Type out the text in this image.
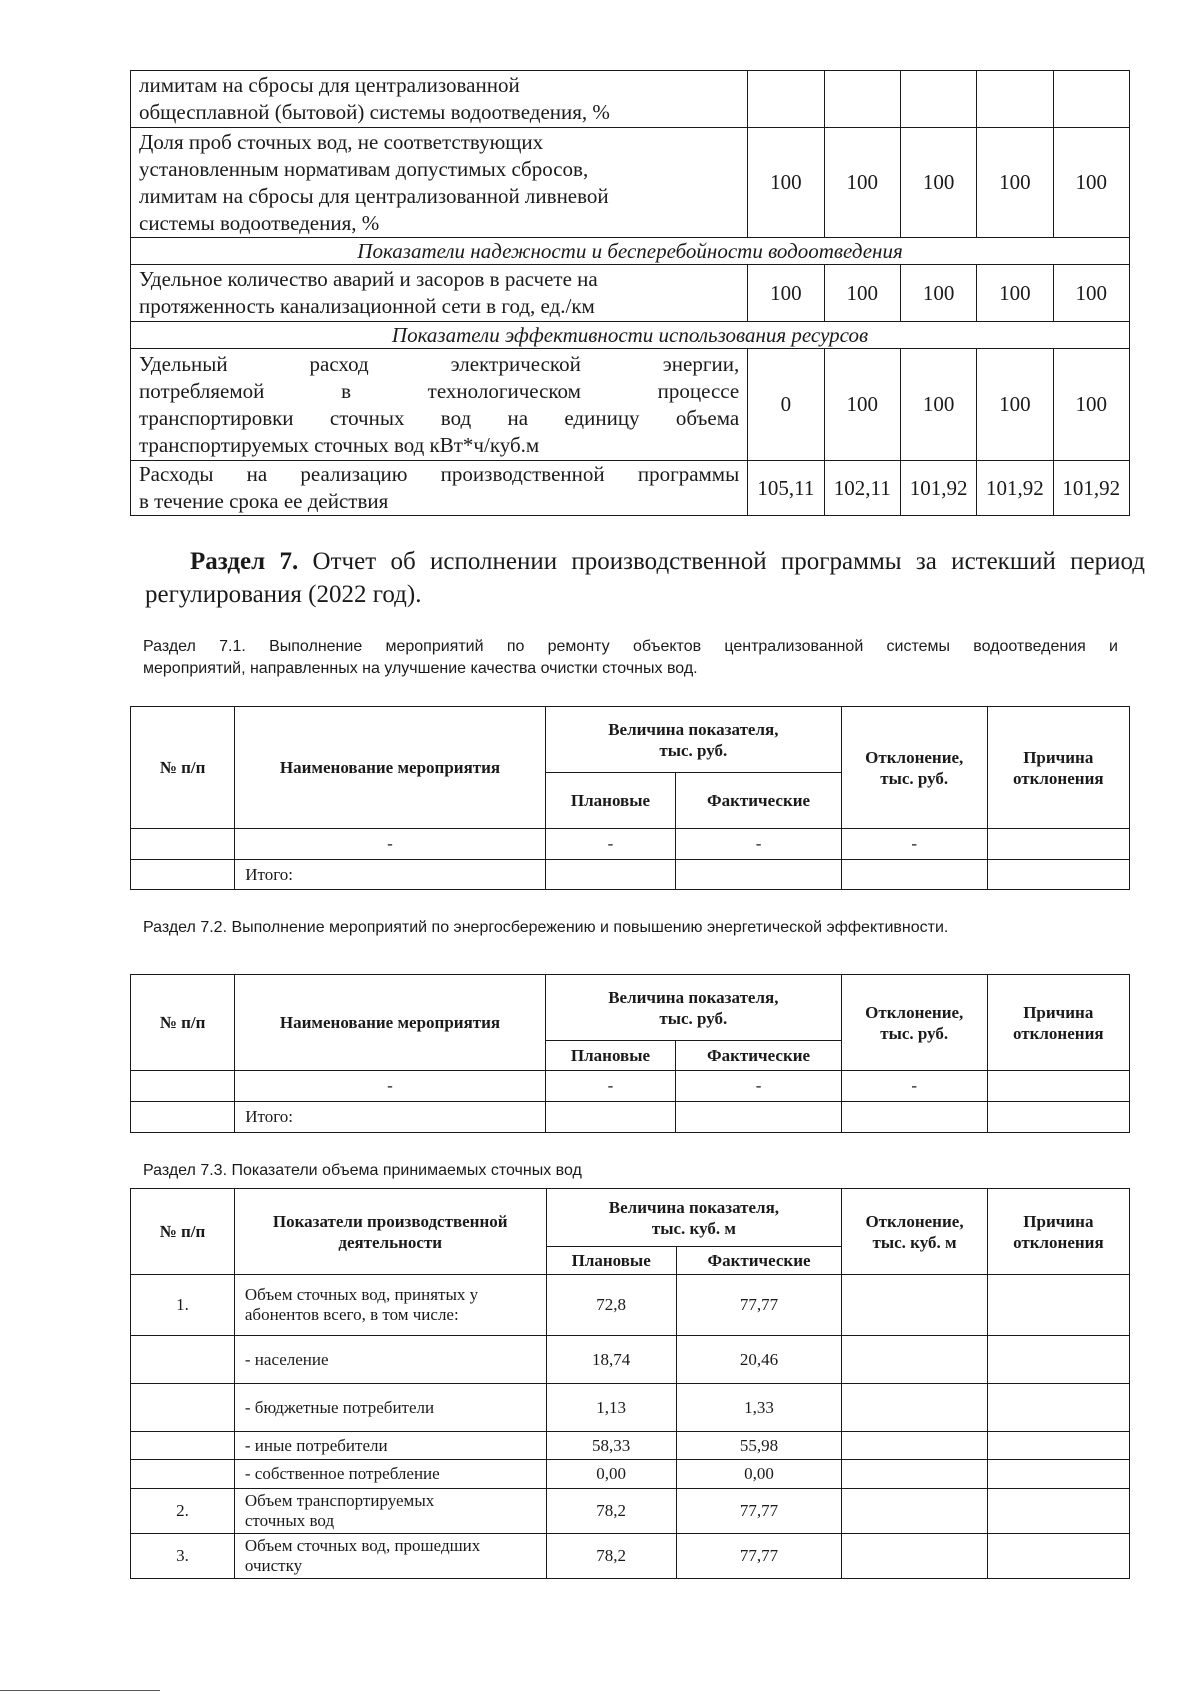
лимитам на сбросы для централизованной
общесплавной (бытовой) системы водоотведения, %					
Доля проб сточных вод, не соответствующих
установленным нормативам допустимых сбросов,
лимитам на сбросы для централизованной ливневой
системы водоотведения, %	100	100	100	100	100
Показатели надежности и бесперебойности водоотведения					
Удельное количество аварий и засоров в расчете на
протяженность канализационной сети в год, ед./км	100	100	100	100	100
Показатели эффективности использования ресурсов					

Удельный расход электрической энергии,
потребляемой в технологическом процессе
транспортировки сточных вод на единицу объема
транспортируемых сточных вод кВт*ч/куб.м	0	100	100	100	100

Расходы на реализацию производственной программы
в течение срока ее действия	105,11	102,11	101,92	101,92	101,92
Раздел 7. Отчет об исполнении производственной программы за истекший период
регулирования (2022 год).
Раздел 7.1. Выполнение мероприятий по ремонту объектов централизованной системы водоотведения и
мероприятий, направленных на улучшение качества очистки сточных вод.
№ п/п	Наименование мероприятия	Величина показателя,
тыс. руб.		Отклонение,
тыс. руб.	Причина
отклонения
		Плановые	Фактические		
	-	-	-	-	
	Итого:				
Раздел 7.2. Выполнение мероприятий по энергосбережению и повышению энергетической эффективности.
№ п/п	Наименование мероприятия	Величина показателя,
тыс. руб.		Отклонение,
тыс. руб.	Причина
отклонения
		Плановые	Фактические		
	-	-	-	-	
	Итого:				
Раздел 7.3. Показатели объема принимаемых сточных вод
№ п/п	Показатели производственной
деятельности	Величина показателя,
тыс. куб. м		Отклонение,
тыс. куб. м	Причина
отклонения
		Плановые	Фактические		
1.	Объем сточных вод, принятых у
абонентов всего, в том числе:	72,8	77,77		
	- население	18,74	20,46		
	- бюджетные потребители	1,13	1,33		
	- иные потребители	58,33	55,98		
	- собственное потребление	0,00	0,00		
2.	Объем транспортируемых
сточных вод	78,2	77,77		
3.	Объем сточных вод, прошедших
очистку	78,2	77,77		
